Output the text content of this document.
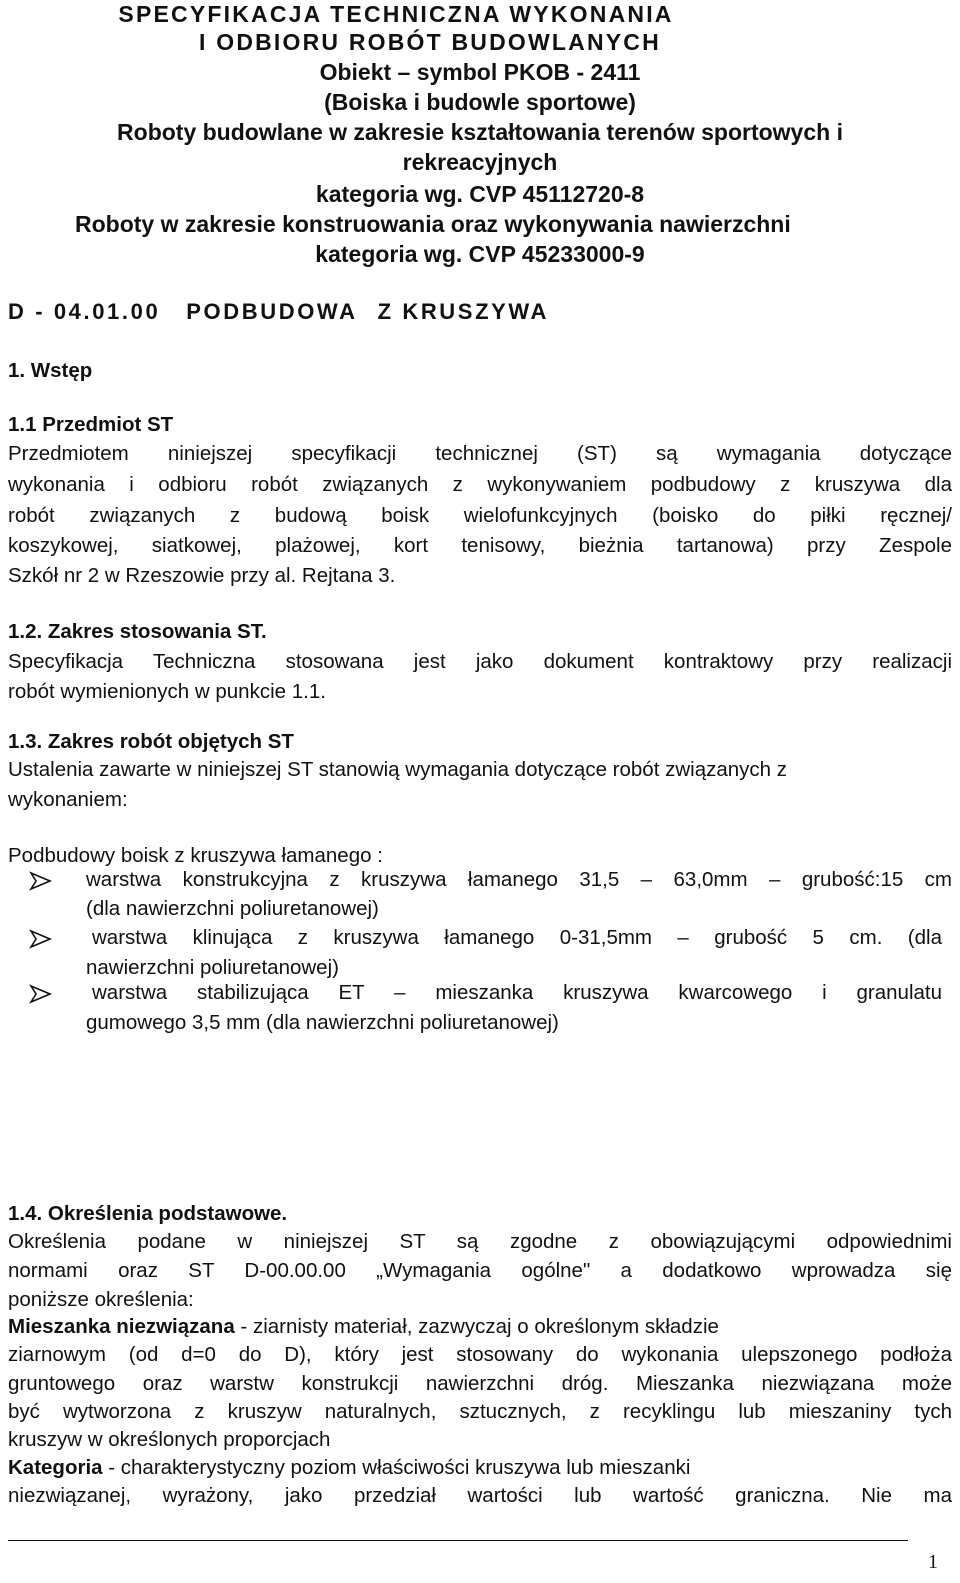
SPECYFIKACJA TECHNICZNA WYKONANIA
I ODBIORU ROBÓT BUDOWLANYCH
Obiekt – symbol PKOB - 2411
(Boiska i budowle sportowe)
Roboty budowlane w zakresie kształtowania terenów sportowych i
rekreacyjnych
kategoria wg. CVP 45112720-8
Roboty w zakresie konstruowania oraz wykonywania nawierzchni
kategoria wg. CVP 45233000-9
D - 04.01.00 PODBUDOWA Z KRUSZYWA
1. Wstęp
1.1 Przedmiot ST
Przedmiotem niniejszej specyfikacji technicznej (ST) są wymagania dotyczące
wykonania i odbioru robót związanych z wykonywaniem podbudowy z kruszywa dla
robót związanych z budową boisk wielofunkcyjnych (boisko do piłki ręcznej/
koszykowej, siatkowej, plażowej, kort tenisowy, bieżnia tartanowa) przy Zespole
Szkół nr 2 w Rzeszowie przy al. Rejtana 3.
1.2. Zakres stosowania ST.
Specyfikacja Techniczna stosowana jest jako dokument kontraktowy przy realizacji
robót wymienionych w punkcie 1.1.
1.3. Zakres robót objętych ST
Ustalenia zawarte w niniejszej ST stanowią wymagania dotyczące robót związanych z
wykonaniem:
Podbudowy boisk z kruszywa łamanego :
warstwa konstrukcyjna z kruszywa łamanego 31,5 – 63,0mm – grubość:15 cm
(dla nawierzchni poliuretanowej)
warstwa klinująca z kruszywa łamanego 0-31,5mm – grubość 5 cm. (dla
nawierzchni poliuretanowej)
warstwa stabilizująca ET – mieszanka kruszywa kwarcowego i granulatu
gumowego 3,5 mm (dla nawierzchni poliuretanowej)
1.4. Określenia podstawowe.
Określenia podane w niniejszej ST są zgodne z obowiązującymi odpowiednimi
normami oraz ST D-00.00.00 „Wymagania ogólne" a dodatkowo wprowadza się
poniższe określenia:
Mieszanka niezwiązana - ziarnisty materiał, zazwyczaj o określonym składzie
ziarnowym (od d=0 do D), który jest stosowany do wykonania ulepszonego podłoża
gruntowego oraz warstw konstrukcji nawierzchni dróg. Mieszanka niezwiązana może
być wytworzona z kruszyw naturalnych, sztucznych, z recyklingu lub mieszaniny tych
kruszyw w określonych proporcjach
Kategoria - charakterystyczny poziom właściwości kruszywa lub mieszanki
niezwiązanej, wyrażony, jako przedział wartości lub wartość graniczna. Nie ma
1
